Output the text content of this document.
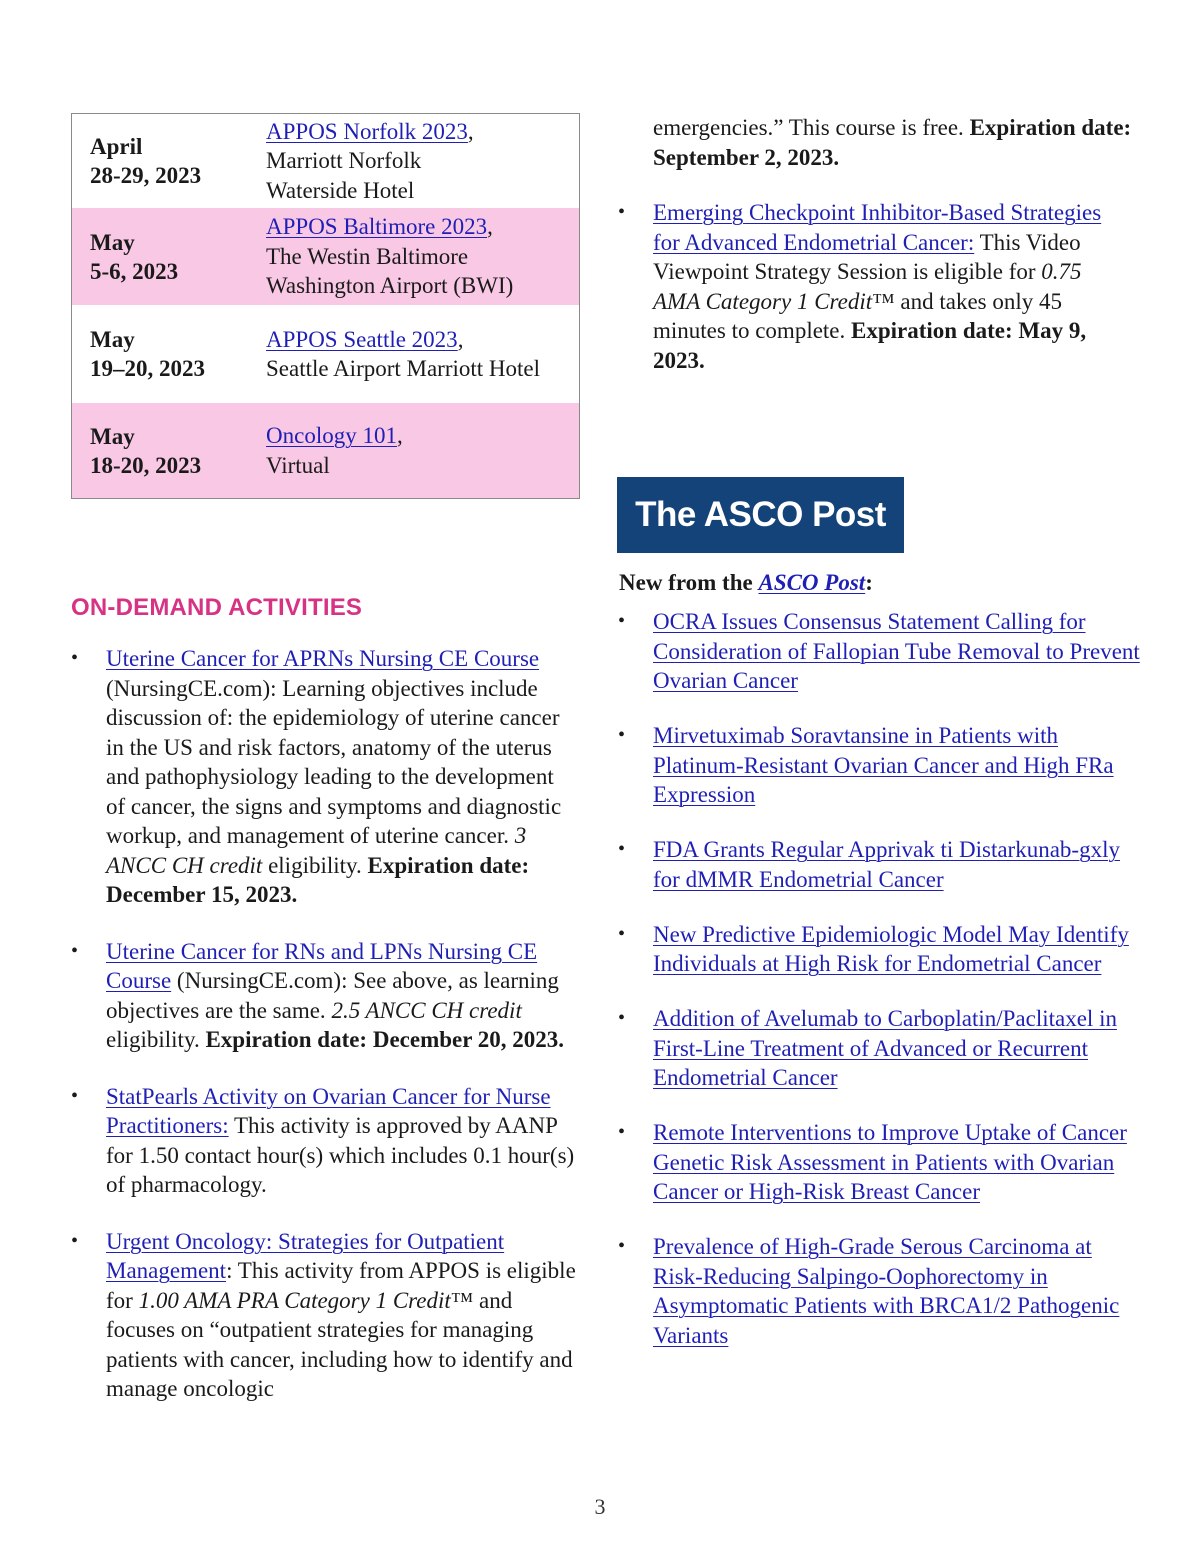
April
28-29, 2023
APPOS Norfolk 2023,
Marriott Norfolk
Waterside Hotel
May
5-6, 2023
APPOS Baltimore 2023,
The Westin Baltimore
Washington Airport (BWI)
May
19–20, 2023
APPOS Seattle 2023,
Seattle Airport Marriott Hotel
May
18-20, 2023
Oncology 101,
Virtual
ON-DEMAND ACTIVITIES
• Uterine Cancer for APRNs Nursing CE Course (NursingCE.com): Learning objectives include discussion of: the epidemiology of uterine cancer in the US and risk factors, anatomy of the uterus and pathophysiology leading to the development of cancer, the signs and symptoms and diagnostic workup, and management of uterine cancer. 3 ANCC CH credit eligibility. Expiration date: December 15, 2023.
• Uterine Cancer for RNs and LPNs Nursing CE Course (NursingCE.com): See above, as learning objectives are the same. 2.5 ANCC CH credit eligibility. Expiration date: December 20, 2023.
• StatPearls Activity on Ovarian Cancer for Nurse Practitioners: This activity is approved by AANP for 1.50 contact hour(s) which includes 0.1 hour(s) of pharmacology.
• Urgent Oncology: Strategies for Outpatient Management: This activity from APPOS is eligible for 1.00 AMA PRA Category 1 Credit™ and focuses on “outpatient strategies for managing patients with cancer, including how to identify and manage oncologic

emergencies.” This course is free. Expiration date: September 2, 2023.

• Emerging Checkpoint Inhibitor-Based Strategies for Advanced Endometrial Cancer: This Video Viewpoint Strategy Session is eligible for 0.75 AMA Category 1 Credit™ and takes only 45 minutes to complete. Expiration date: May 9, 2023.
The ASCO Post

New from the ASCO Post:

• OCRA Issues Consensus Statement Calling for Consideration of Fallopian Tube Removal to Prevent Ovarian Cancer
• Mirvetuximab Soravtansine in Patients with Platinum-Resistant Ovarian Cancer and High FRa Expression
• FDA Grants Regular Apprivak ti Distarkunab-gxly for dMMR Endometrial Cancer
• New Predictive Epidemiologic Model May Identify Individuals at High Risk for Endometrial Cancer
• Addition of Avelumab to Carboplatin/Paclitaxel in First-Line Treatment of Advanced or Recurrent Endometrial Cancer
• Remote Interventions to Improve Uptake of Cancer Genetic Risk Assessment in Patients with Ovarian Cancer or High-Risk Breast Cancer
• Prevalence of High-Grade Serous Carcinoma at Risk-Reducing Salpingo-Oophorectomy in Asymptomatic Patients with BRCA1/2 Pathogenic Variants
3
